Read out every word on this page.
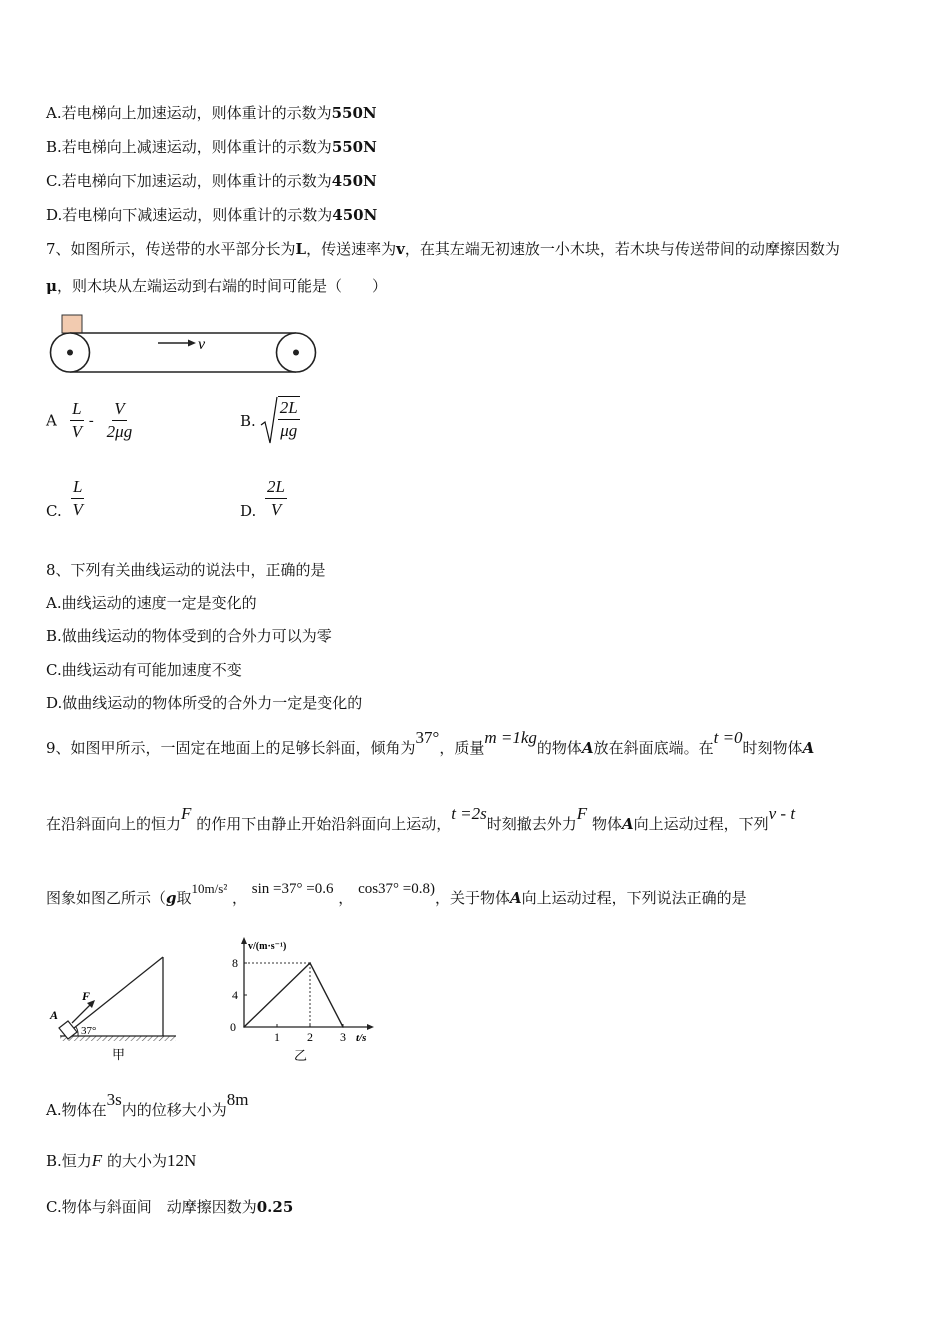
A.若电梯向上加速运动，则体重计的示数为550N
B.若电梯向上减速运动，则体重计的示数为550N
C.若电梯向下加速运动，则体重计的示数为450N
D.若电梯向下减速运动，则体重计的示数为450N
7、如图所示，传送带的水平部分长为L，传送速率为v，在其左端无初速放一小木块，若木块与传送带间的动摩擦因数为
μ，则木块从左端运动到右端的时间可能是（　　）
v
A $\frac{L}{V} - \frac{V}{2\mu g}$	B. $\frac{2L}{\mu g}$
C. $\frac{L}{V}$	D. $\frac{2L}{V}$
8、下列有关曲线运动的说法中，正确的是
A.曲线运动的速度一定是变化的
B.做曲线运动的物体受到的合外力可以为零
C.曲线运动有可能加速度不变
D.做曲线运动的物体所受的合外力一定是变化的
9、如图甲所示，一固定在地面上的足够长斜面，倾角为37°，质量m =1kg的物体A放在斜面底端。在t =0时刻物体A
在沿斜面向上的恒力F 的作用下由静止开始沿斜面向上运动，t =2s时刻撤去外力F 物体A向上运动过程，下列v - t
图象如图乙所示（g取10m/s² ， sin =37° =0.6 ， cos37° =0.8)，关于物体A向上运动过程，下列说法正确的是
A
F
37°
甲
v/(m·s⁻¹)
t/s
4
8
1 2 3
0
乙
A.物体在3s内的位移大小为8m
B.恒力F 的大小为12N
C.物体与斜面间　 动摩擦因数为0.25
